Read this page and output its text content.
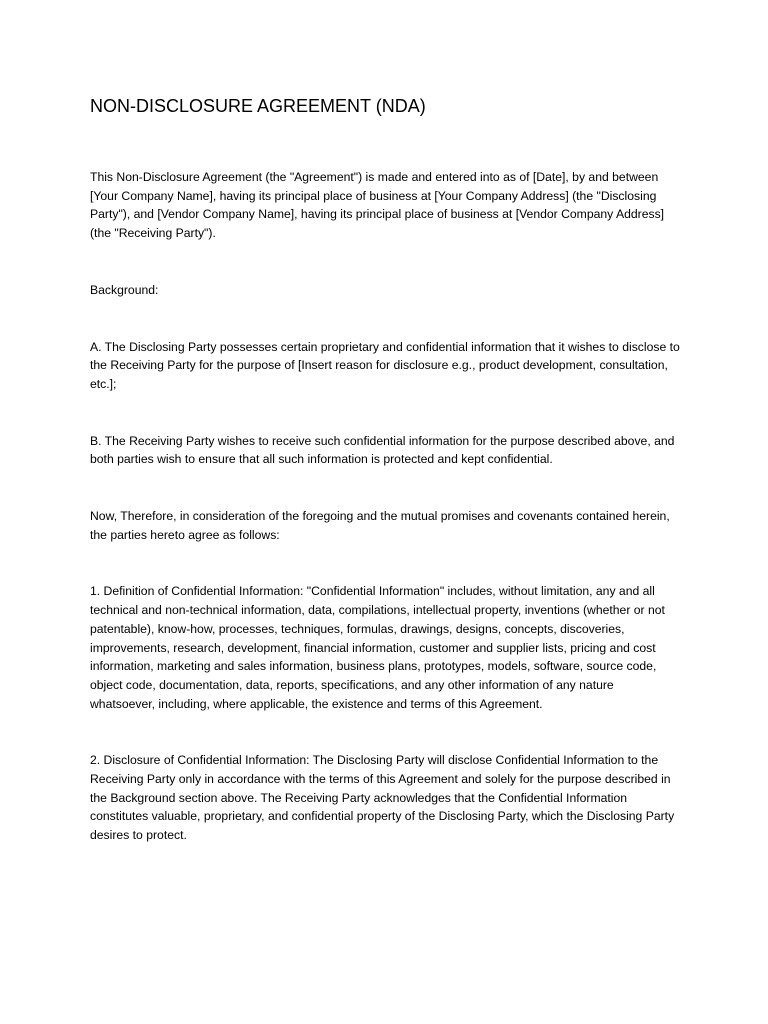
NON-DISCLOSURE AGREEMENT (NDA)

This Non-Disclosure Agreement (the "Agreement") is made and entered into as of [Date], by and between [Your Company Name], having its principal place of business at [Your Company Address] (the "Disclosing Party"), and [Vendor Company Name], having its principal place of business at [Vendor Company Address] (the "Receiving Party").

Background:

A. The Disclosing Party possesses certain proprietary and confidential information that it wishes to disclose to the Receiving Party for the purpose of [Insert reason for disclosure e.g., product development, consultation, etc.];

B. The Receiving Party wishes to receive such confidential information for the purpose described above, and both parties wish to ensure that all such information is protected and kept confidential.

Now, Therefore, in consideration of the foregoing and the mutual promises and covenants contained herein, the parties hereto agree as follows:

1. Definition of Confidential Information: "Confidential Information" includes, without limitation, any and all technical and non-technical information, data, compilations, intellectual property, inventions (whether or not patentable), know-how, processes, techniques, formulas, drawings, designs, concepts, discoveries, improvements, research, development, financial information, customer and supplier lists, pricing and cost information, marketing and sales information, business plans, prototypes, models, software, source code, object code, documentation, data, reports, specifications, and any other information of any nature whatsoever, including, where applicable, the existence and terms of this Agreement.

2. Disclosure of Confidential Information: The Disclosing Party will disclose Confidential Information to the Receiving Party only in accordance with the terms of this Agreement and solely for the purpose described in the Background section above. The Receiving Party acknowledges that the Confidential Information constitutes valuable, proprietary, and confidential property of the Disclosing Party, which the Disclosing Party desires to protect.
